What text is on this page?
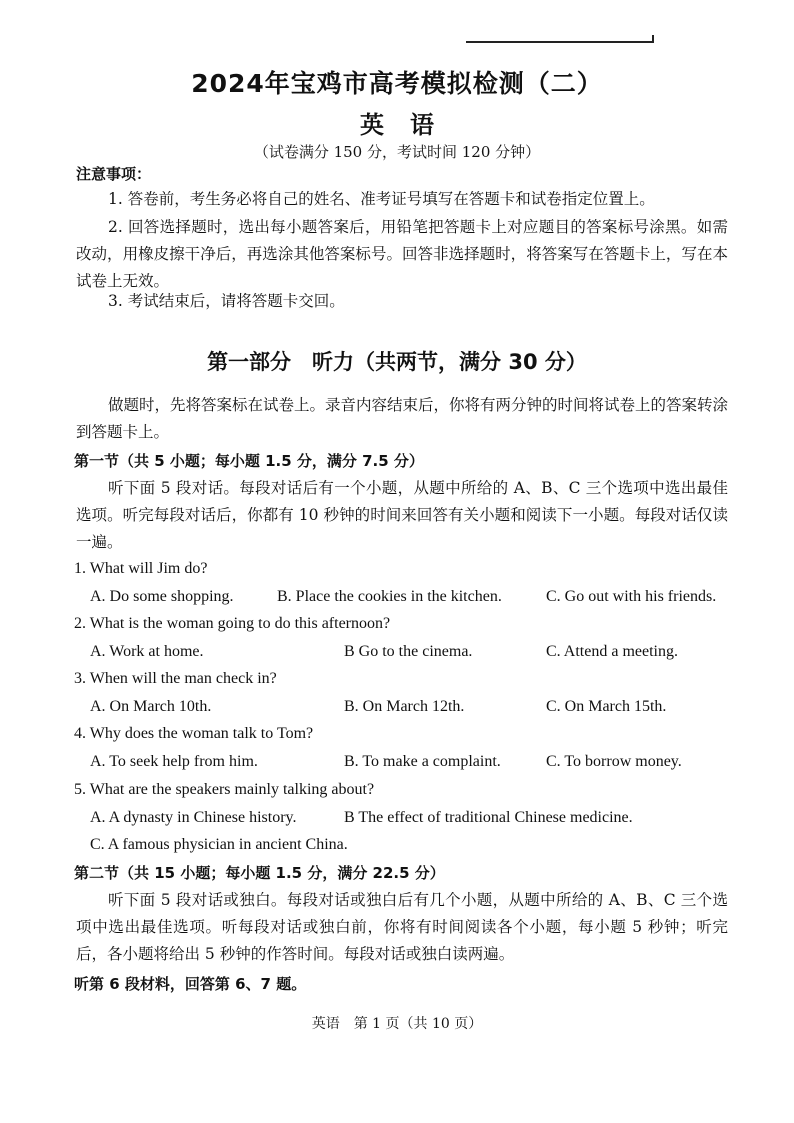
2024年宝鸡市高考模拟检测（二）
英语
（试卷满分 150 分，考试时间 120 分钟）
注意事项：
1. 答卷前，考生务必将自己的姓名、准考证号填写在答题卡和试卷指定位置上。
2. 回答选择题时，选出每小题答案后，用铅笔把答题卡上对应题目的答案标号涂黑。如需改动，用橡皮擦干净后，再选涂其他答案标号。回答非选择题时，将答案写在答题卡上，写在本试卷上无效。
3. 考试结束后，请将答题卡交回。
第一部分　听力（共两节，满分 30 分）
做题时，先将答案标在试卷上。录音内容结束后，你将有两分钟的时间将试卷上的答案转涂到答题卡上。
第一节（共 5 小题；每小题 1.5 分，满分 7.5 分）
听下面 5 段对话。每段对话后有一个小题，从题中所给的 A、B、C 三个选项中选出最佳选项。听完每段对话后，你都有 10 秒钟的时间来回答有关小题和阅读下一小题。每段对话仅读一遍。
1. What will Jim do?
A. Do some shopping.	B. Place the cookies in the kitchen.	C. Go out with his friends.
2. What is the woman going to do this afternoon?
A. Work at home.	B Go to the cinema.	C. Attend a meeting.
3. When will the man check in?
A. On March 10th.	B. On March 12th.	C. On March 15th.
4. Why does the woman talk to Tom?
A. To seek help from him.	B. To make a complaint.	C. To borrow money.
5. What are the speakers mainly talking about?
A. A dynasty in Chinese history.	B The effect of traditional Chinese medicine.
C. A famous physician in ancient China.
第二节（共 15 小题；每小题 1.5 分，满分 22.5 分）
听下面 5 段对话或独白。每段对话或独白后有几个小题，从题中所给的 A、B、C 三个选项中选出最佳选项。听每段对话或独白前，你将有时间阅读各个小题，每小题 5 秒钟；听完后，各小题将给出 5 秒钟的作答时间。每段对话或独白读两遍。
听第 6 段材料，回答第 6、7 题。
英语　第 1 页（共 10 页）
